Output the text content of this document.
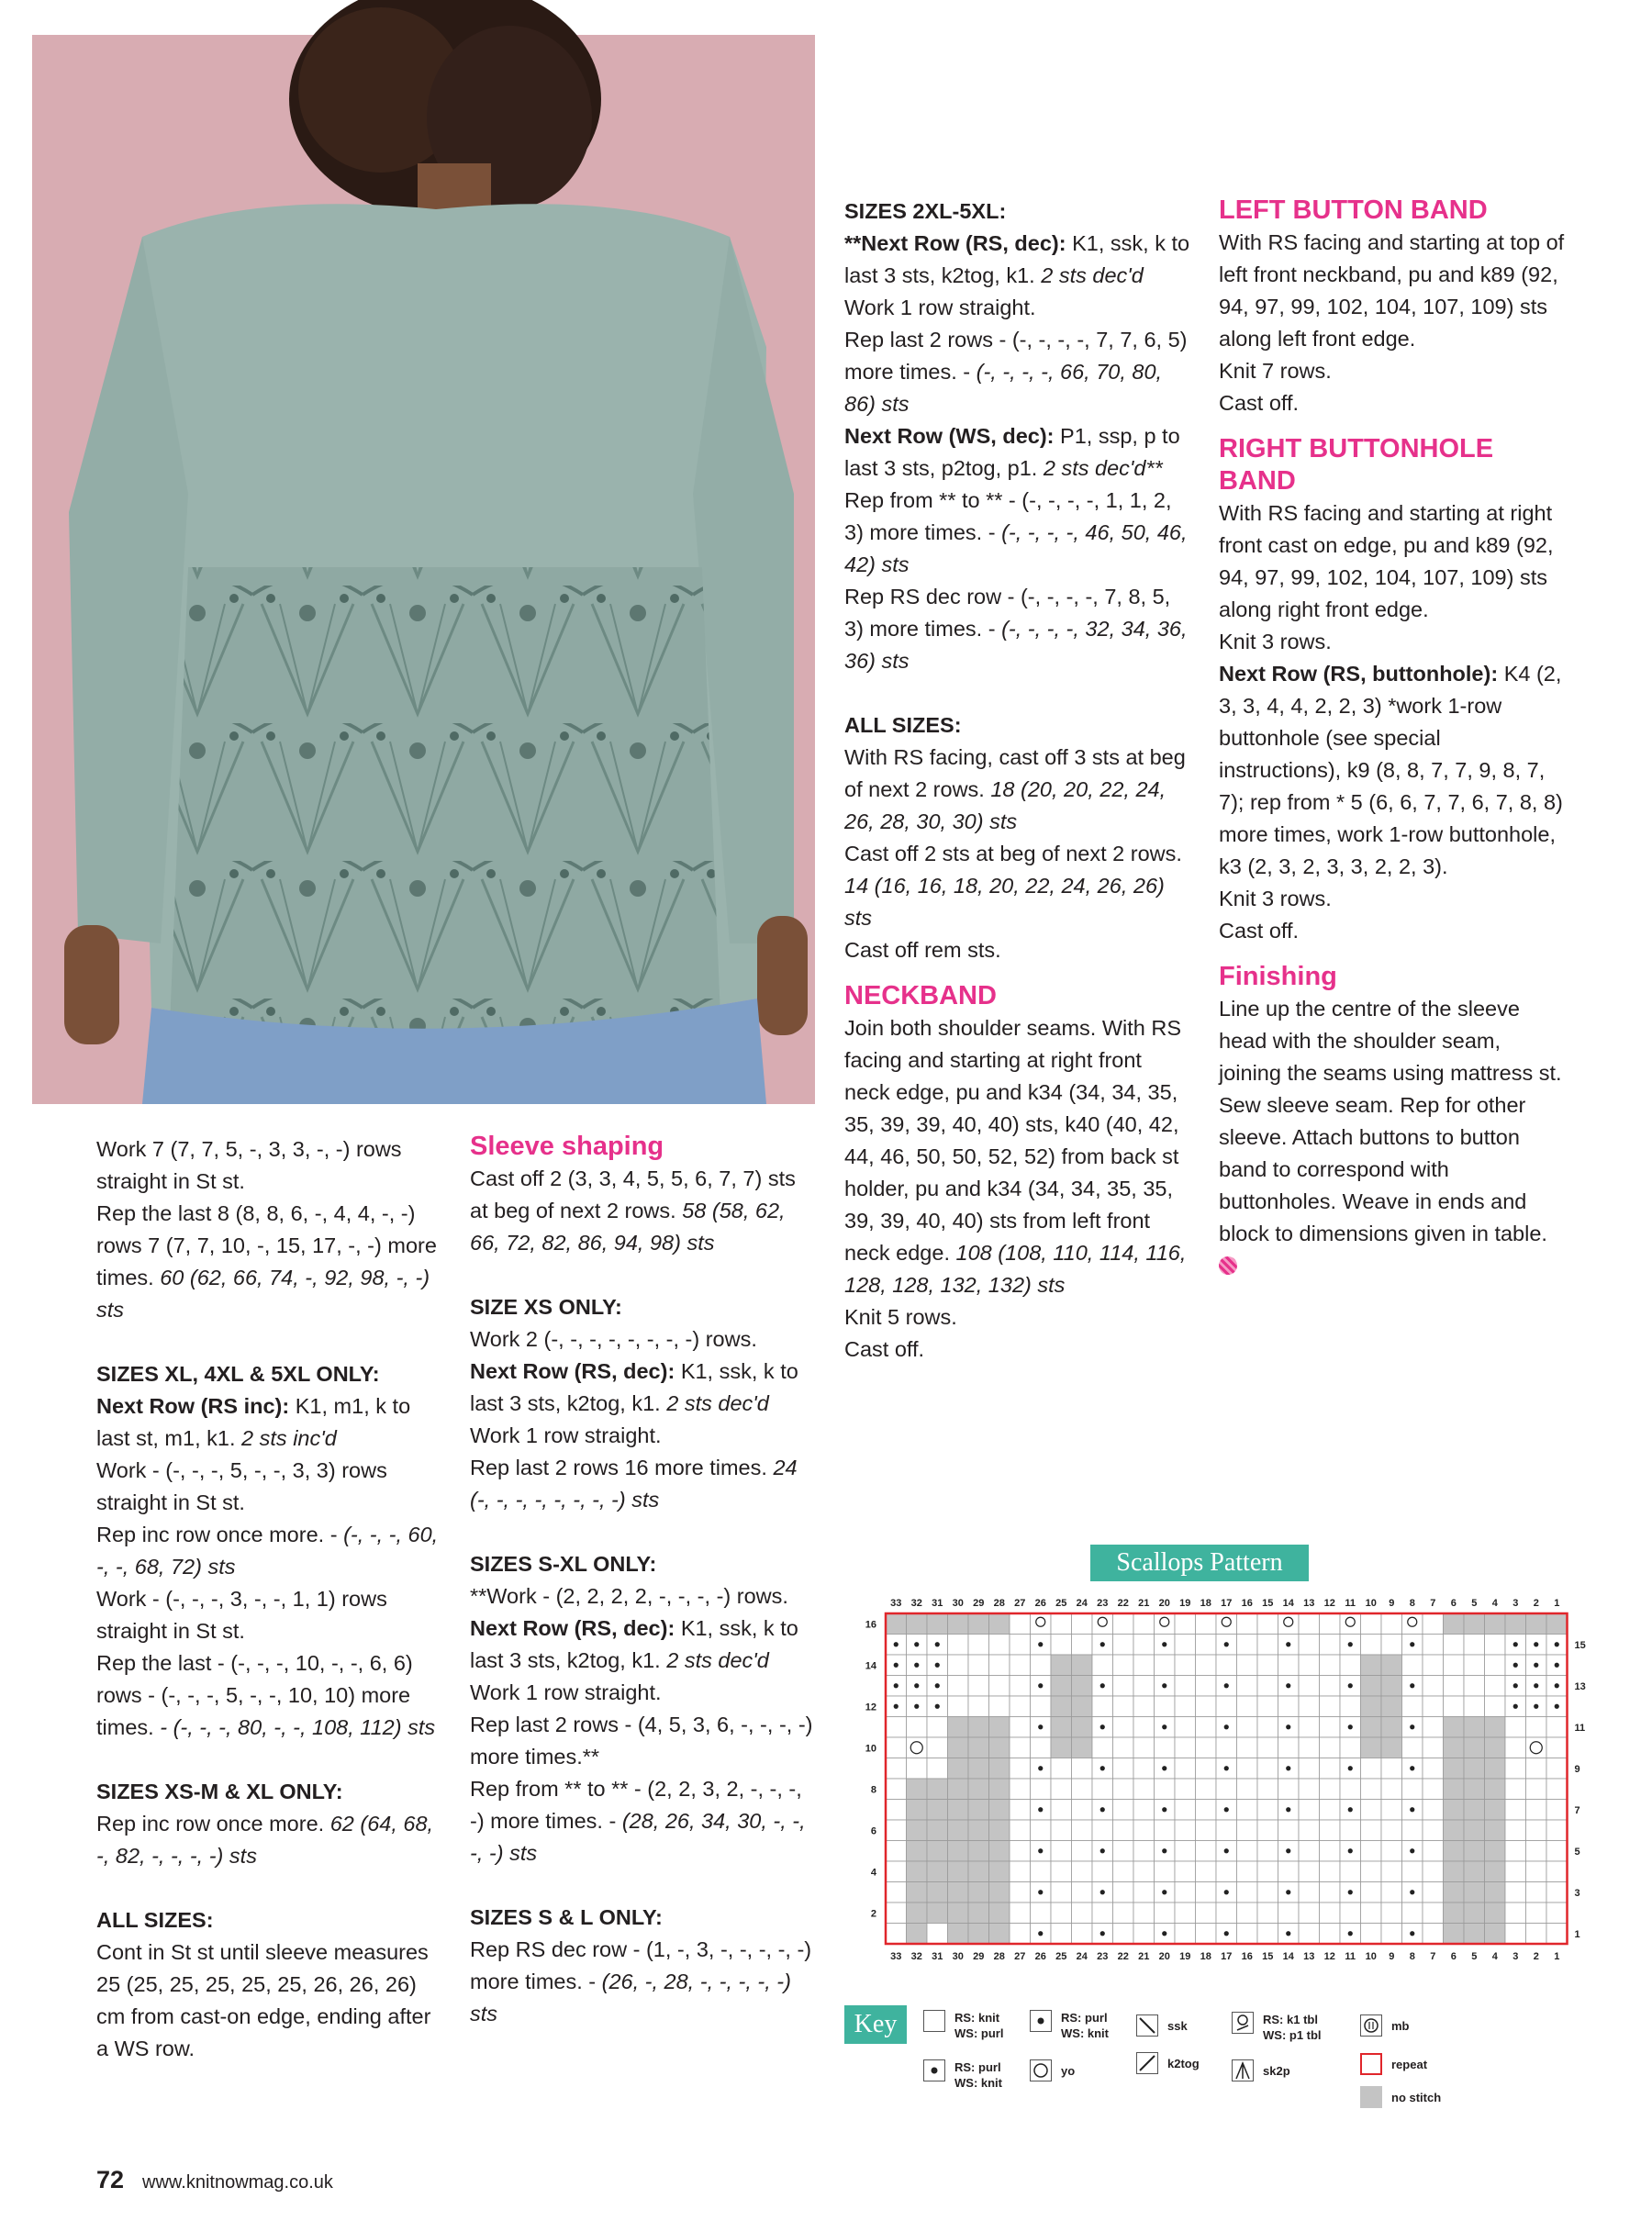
Work 7 (7, 7, 5, -, 3, 3, -, -) rows straight in St st.

Rep the last 8 (8, 8, 6, -, 4, 4, -, -) rows 7 (7, 7, 10, -, 15, 17, -, -) more times. 60 (62, 66, 74, -, 92, 98, -, -) sts

SIZES XL, 4XL & 5XL ONLY:

Next Row (RS inc): K1, m1, k to last st, m1, k1. 2 sts inc'd

Work - (-, -, -, 5, -, -, 3, 3) rows straight in St st.

Rep inc row once more. - (-, -, -, 60, -, -, 68, 72) sts

Work - (-, -, -, 3, -, -, 1, 1) rows straight in St st.

Rep the last - (-, -, -, 10, -, -, 6, 6) rows - (-, -, -, 5, -, -, 10, 10) more times. - (-, -, -, 80, -, -, 108, 112) sts

SIZES XS-M & XL ONLY:

Rep inc row once more. 62 (64, 68, -, 82, -, -, -, -) sts

ALL SIZES:

Cont in St st until sleeve measures 25 (25, 25, 25, 25, 25, 26, 26, 26) cm from cast-on edge, ending after a WS row.

Sleeve shaping

Cast off 2 (3, 3, 4, 5, 5, 6, 7, 7) sts at beg of next 2 rows. 58 (58, 62, 66, 72, 82, 86, 94, 98) sts

SIZE XS ONLY:

Work 2 (-, -, -, -, -, -, -, -) rows.

Next Row (RS, dec): K1, ssk, k to last 3 sts, k2tog, k1. 2 sts dec'd

Work 1 row straight.

Rep last 2 rows 16 more times. 24 (-, -, -, -, -, -, -, -) sts

SIZES S-XL ONLY:

**Work - (2, 2, 2, 2, -, -, -, -) rows.

Next Row (RS, dec): K1, ssk, k to last 3 sts, k2tog, k1. 2 sts dec'd

Work 1 row straight.

Rep last 2 rows - (4, 5, 3, 6, -, -, -, -) more times.**

Rep from ** to ** - (2, 2, 3, 2, -, -, -, -) more times. - (28, 26, 34, 30, -, -, -, -) sts

SIZES S & L ONLY:

Rep RS dec row - (1, -, 3, -, -, -, -, -) more times. - (26, -, 28, -, -, -, -, -) sts

SIZES 2XL-5XL:

**Next Row (RS, dec): K1, ssk, k to last 3 sts, k2tog, k1. 2 sts dec'd

Work 1 row straight.

Rep last 2 rows - (-, -, -, -, 7, 7, 6, 5) more times. - (-, -, -, -, 66, 70, 80, 86) sts

Next Row (WS, dec): P1, ssp, p to last 3 sts, p2tog, p1. 2 sts dec'd**

Rep from ** to ** - (-, -, -, -, 1, 1, 2, 3) more times. - (-, -, -, -, 46, 50, 46, 42) sts

Rep RS dec row - (-, -, -, -, 7, 8, 5, 3) more times. - (-, -, -, -, 32, 34, 36, 36) sts

ALL SIZES:

With RS facing, cast off 3 sts at beg of next 2 rows. 18 (20, 20, 22, 24, 26, 28, 30, 30) sts

Cast off 2 sts at beg of next 2 rows. 14 (16, 16, 18, 20, 22, 24, 26, 26) sts

Cast off rem sts.

NECKBAND

Join both shoulder seams. With RS facing and starting at right front neck edge, pu and k34 (34, 34, 35, 35, 39, 39, 40, 40) sts, k40 (40, 42, 44, 46, 50, 50, 52, 52) from back st holder, pu and k34 (34, 34, 35, 35, 39, 39, 40, 40) sts from left front neck edge. 108 (108, 110, 114, 116, 128, 128, 132, 132) sts

Knit 5 rows.

Cast off.

LEFT BUTTON BAND

With RS facing and starting at top of left front neckband, pu and k89 (92, 94, 97, 99, 102, 104, 107, 109) sts along left front edge.

Knit 7 rows.

Cast off.

RIGHT BUTTONHOLE

BAND

With RS facing and starting at right front cast on edge, pu and k89 (92, 94, 97, 99, 102, 104, 107, 109) sts along right front edge.

Knit 3 rows.

Next Row (RS, buttonhole): K4 (2, 3, 3, 4, 4, 2, 2, 3) *work 1-row buttonhole (see special instructions), k9 (8, 8, 7, 7, 9, 8, 7, 7); rep from * 5 (6, 6, 7, 7, 6, 7, 8, 8) more times, work 1-row buttonhole, k3 (2, 3, 2, 3, 3, 2, 2, 3).

Knit 3 rows.

Cast off.

Finishing

Line up the centre of the sleeve head with the shoulder seam, joining the seams using mattress st. Sew sleeve seam. Rep for other sleeve. Attach buttons to button band to correspond with buttonholes. Weave in ends and block to dimensions given in table.

Scallops Pattern
33
33
32
32
31
31
30
30
29
29
28
28
27
27
26
26
25
25
24
24
23
23
22
22
21
21
20
20
19
19
18
18
17
17
16
16
15
15
14
14
13
13
12
12
11
11
10
10
9
9
8
8
7
7
6
6
5
5
4
4
3
3
2
2
1
1
16
14
12
10
8
6
4
2
15
13
11
9
7
5
3
1
Key	RS: knit
WS: purl
RS: purl
WS: knit
RS: purl
WS: knit
yo
ssk
k2tog
RS: k1 tbl
WS: p1 tbl
sk2p
mb
repeat
no stitch
72 www.knitnowmag.co.uk
